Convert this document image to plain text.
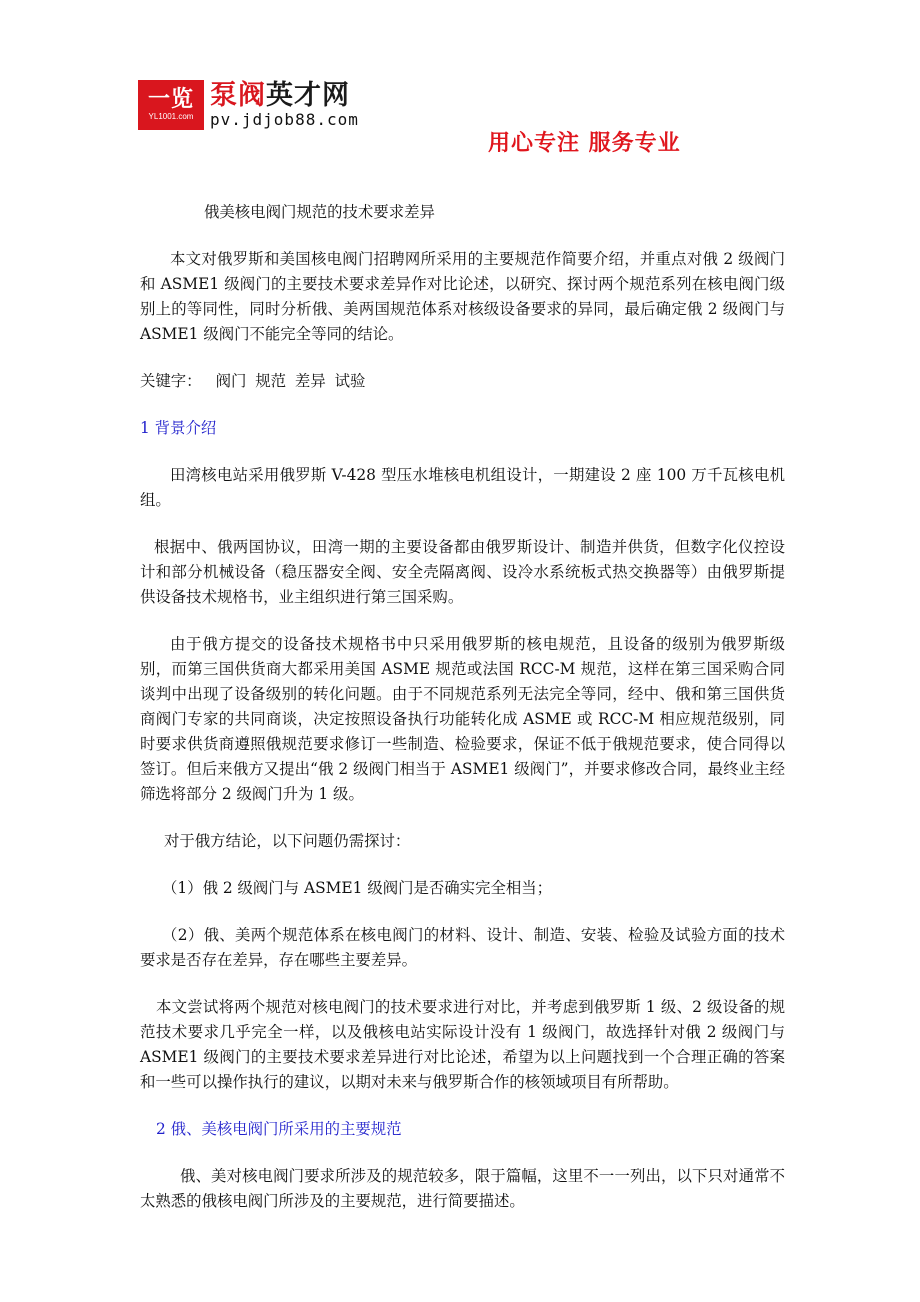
一览
YL1001.com
泵阀英才网
pv.jdjob88.com
用心专注 服务专业
俄美核电阀门规范的技术要求差异

本文对俄罗斯和美国核电阀门招聘网所采用的主要规范作简要介绍，并重点对俄 2 级阀门和 ASME1 级阀门的主要技术要求差异作对比论述，以研究、探讨两个规范系列在核电阀门级别上的等同性，同时分析俄、美两国规范体系对核级设备要求的异同，最后确定俄 2 级阀门与 ASME1 级阀门不能完全等同的结论。

关键字： 阀门 规范 差异 试验

1 背景介绍

田湾核电站采用俄罗斯 V-428 型压水堆核电机组设计，一期建设 2 座 100 万千瓦核电机组。

根据中、俄两国协议，田湾一期的主要设备都由俄罗斯设计、制造并供货，但数字化仪控设计和部分机械设备（稳压器安全阀、安全壳隔离阀、设冷水系统板式热交换器等）由俄罗斯提供设备技术规格书，业主组织进行第三国采购。

由于俄方提交的设备技术规格书中只采用俄罗斯的核电规范，且设备的级别为俄罗斯级别，而第三国供货商大都采用美国 ASME 规范或法国 RCC-M 规范，这样在第三国采购合同谈判中出现了设备级别的转化问题。由于不同规范系列无法完全等同，经中、俄和第三国供货商阀门专家的共同商谈，决定按照设备执行功能转化成 ASME 或 RCC-M 相应规范级别，同时要求供货商遵照俄规范要求修订一些制造、检验要求，保证不低于俄规范要求，使合同得以签订。但后来俄方又提出“俄 2 级阀门相当于 ASME1 级阀门”，并要求修改合同，最终业主经筛选将部分 2 级阀门升为 1 级。

对于俄方结论，以下问题仍需探讨：

（1）俄 2 级阀门与 ASME1 级阀门是否确实完全相当；

（2）俄、美两个规范体系在核电阀门的材料、设计、制造、安装、检验及试验方面的技术要求是否存在差异，存在哪些主要差异。

本文尝试将两个规范对核电阀门的技术要求进行对比，并考虑到俄罗斯 1 级、2 级设备的规范技术要求几乎完全一样，以及俄核电站实际设计没有 1 级阀门，故选择针对俄 2 级阀门与 ASME1 级阀门的主要技术要求差异进行对比论述，希望为以上问题找到一个合理正确的答案和一些可以操作执行的建议，以期对未来与俄罗斯合作的核领域项目有所帮助。

2 俄、美核电阀门所采用的主要规范

俄、美对核电阀门要求所涉及的规范较多，限于篇幅，这里不一一列出，以下只对通常不太熟悉的俄核电阀门所涉及的主要规范，进行简要描述。
